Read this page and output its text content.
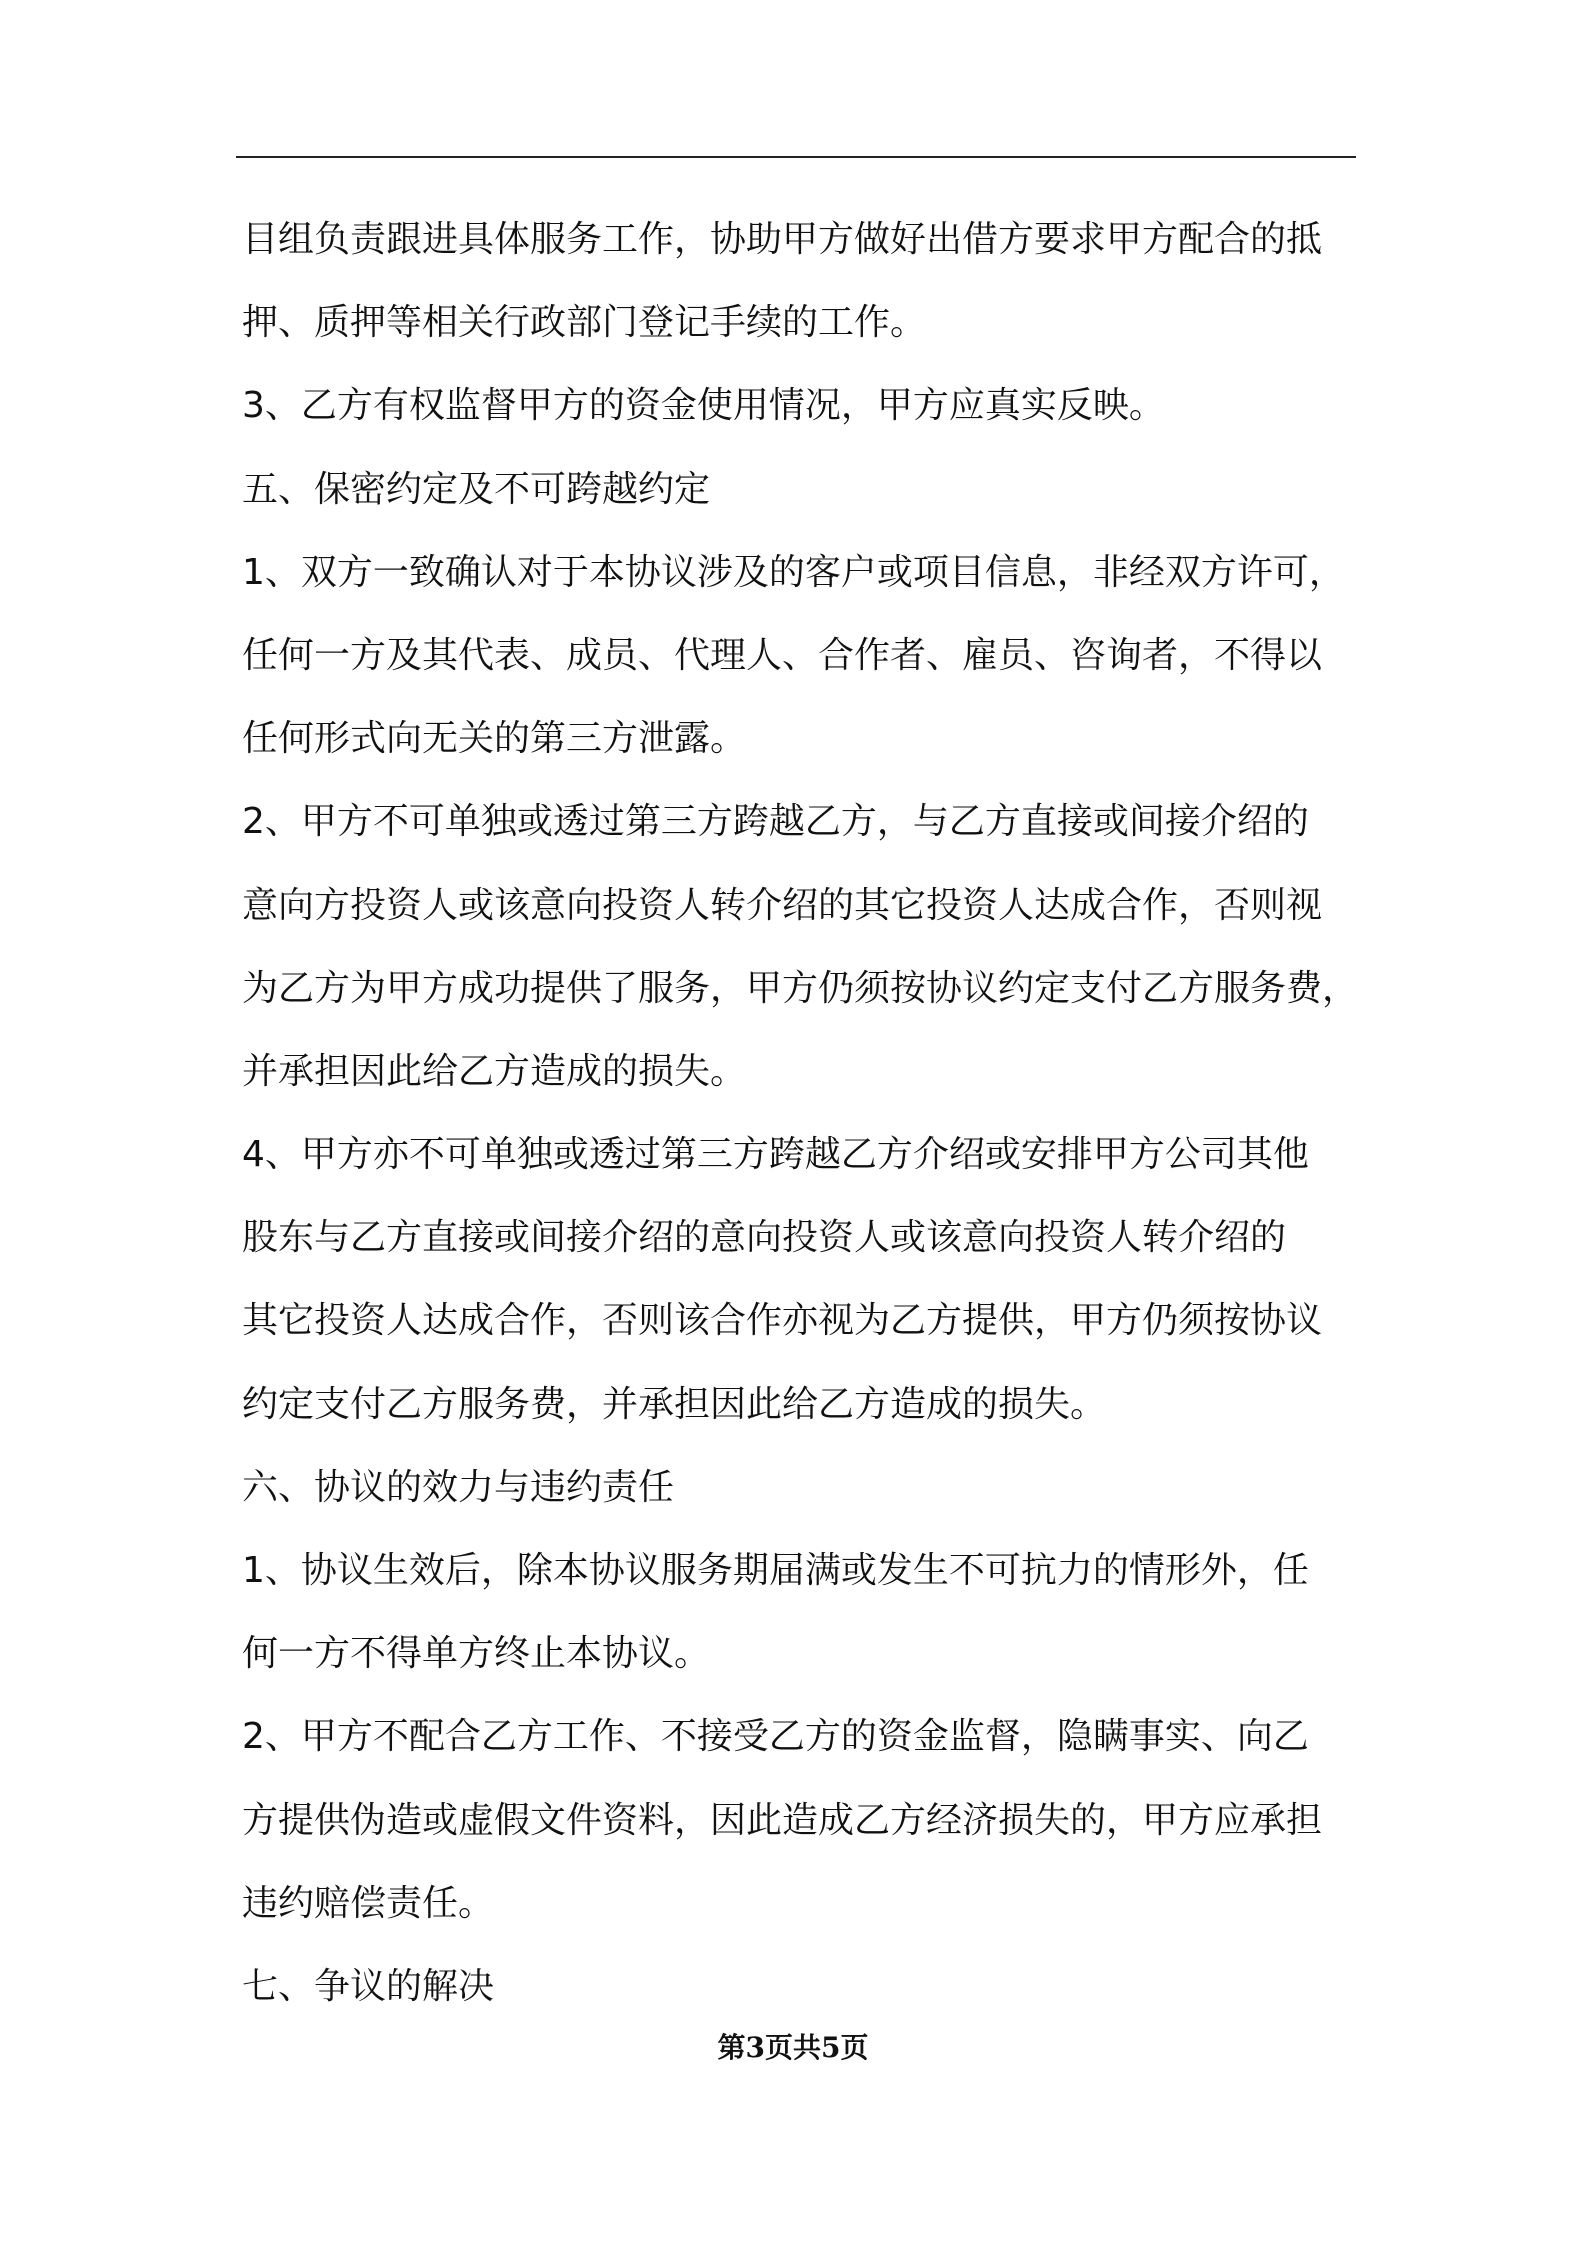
目组负责跟进具体服务工作，协助甲方做好出借方要求甲方配合的抵
押、质押等相关行政部门登记手续的工作。
3、乙方有权监督甲方的资金使用情况，甲方应真实反映。
五、保密约定及不可跨越约定
1、双方一致确认对于本协议涉及的客户或项目信息，非经双方许可，
任何一方及其代表、成员、代理人、合作者、雇员、咨询者，不得以
任何形式向无关的第三方泄露。
2、甲方不可单独或透过第三方跨越乙方，与乙方直接或间接介绍的
意向方投资人或该意向投资人转介绍的其它投资人达成合作，否则视
为乙方为甲方成功提供了服务，甲方仍须按协议约定支付乙方服务费，
并承担因此给乙方造成的损失。
4、甲方亦不可单独或透过第三方跨越乙方介绍或安排甲方公司其他
股东与乙方直接或间接介绍的意向投资人或该意向投资人转介绍的
其它投资人达成合作，否则该合作亦视为乙方提供，甲方仍须按协议
约定支付乙方服务费，并承担因此给乙方造成的损失。
六、协议的效力与违约责任
1、协议生效后，除本协议服务期届满或发生不可抗力的情形外，任
何一方不得单方终止本协议。
2、甲方不配合乙方工作、不接受乙方的资金监督，隐瞒事实、向乙
方提供伪造或虚假文件资料，因此造成乙方经济损失的，甲方应承担
违约赔偿责任。
七、争议的解决
第3页共5页
